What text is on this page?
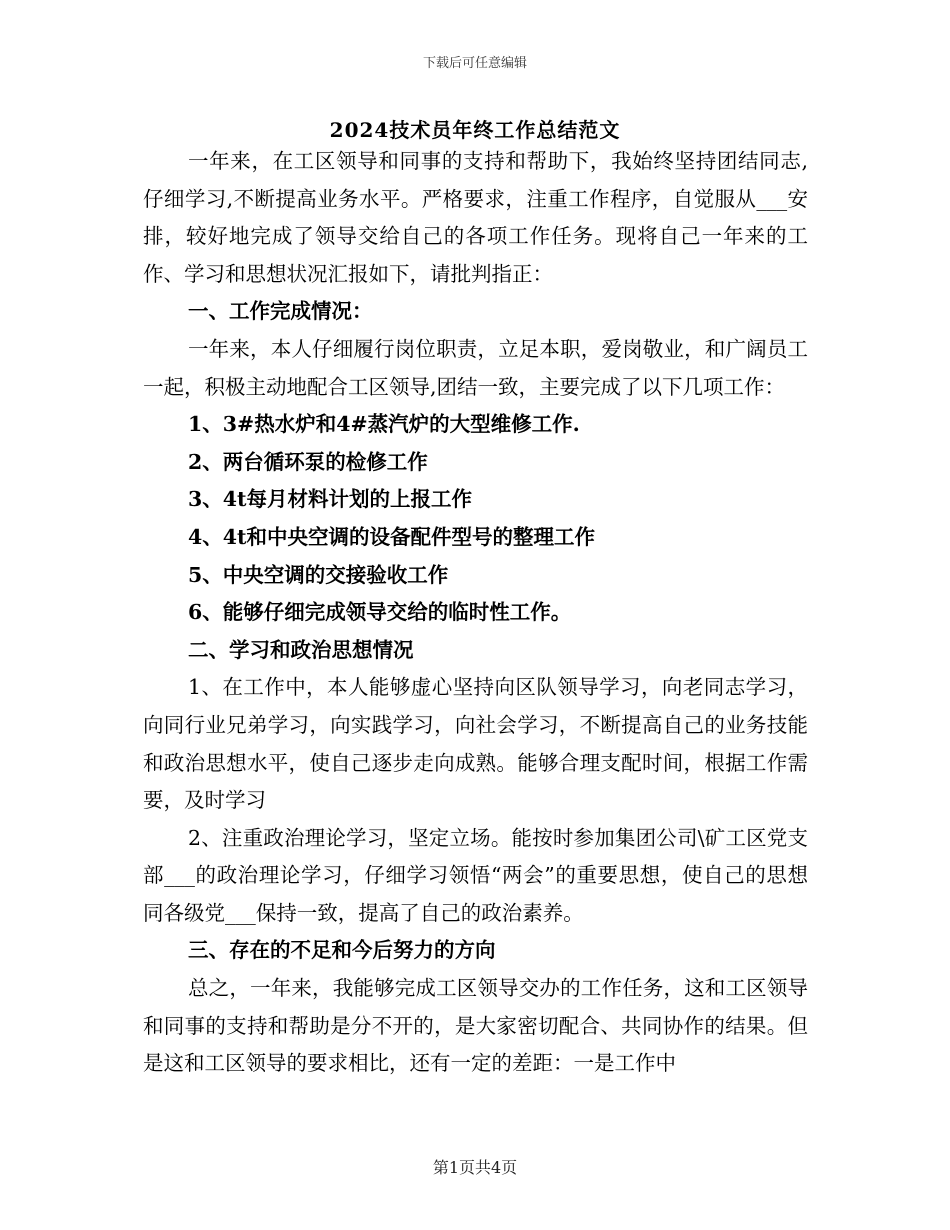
下载后可任意编辑
2024技术员年终工作总结范文

一年来，在工区领导和同事的支持和帮助下，我始终坚持团结同志,仔细学习,不断提高业务水平。严格要求，注重工作程序，自觉服从___安排，较好地完成了领导交给自己的各项工作任务。现将自己一年来的工作、学习和思想状况汇报如下，请批判指正：

一、工作完成情况：

一年来，本人仔细履行岗位职责，立足本职，爱岗敬业，和广阔员工一起，积极主动地配合工区领导,团结一致，主要完成了以下几项工作：

1、3#热水炉和4#蒸汽炉的大型维修工作.

2、两台循环泵的检修工作

3、4t每月材料计划的上报工作

4、4t和中央空调的设备配件型号的整理工作

5、中央空调的交接验收工作

6、能够仔细完成领导交给的临时性工作。

二、学习和政治思想情况

1、在工作中，本人能够虚心坚持向区队领导学习，向老同志学习，向同行业兄弟学习，向实践学习，向社会学习，不断提高自己的业务技能和政治思想水平，使自己逐步走向成熟。能够合理支配时间，根据工作需要，及时学习

2、注重政治理论学习，坚定立场。能按时参加集团公司\矿工区党支部___的政治理论学习，仔细学习领悟“两会”的重要思想，使自己的思想同各级党___保持一致，提高了自己的政治素养。

三、存在的不足和今后努力的方向

总之，一年来，我能够完成工区领导交办的工作任务，这和工区领导和同事的支持和帮助是分不开的，是大家密切配合、共同协作的结果。但是这和工区领导的要求相比，还有一定的差距：一是工作中

第1页共4页
